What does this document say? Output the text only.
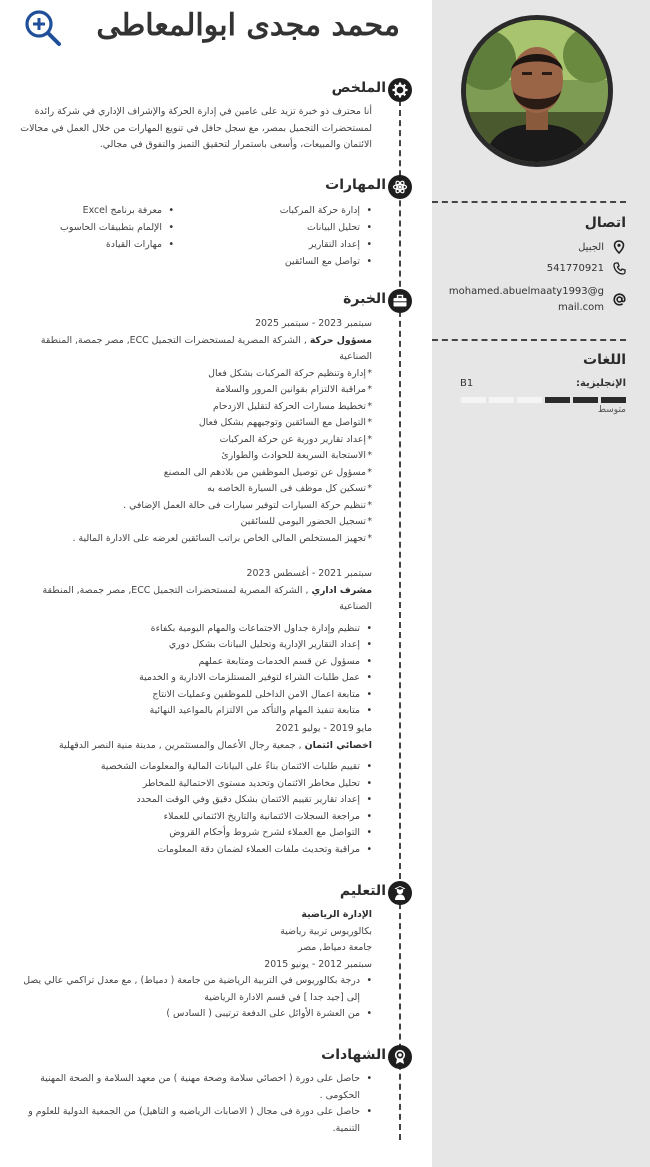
اتصال
الجبيل
541770921
mohamed.abuelmaaty1993@g
mail.com
اللغات
الإنجليزية:
B1
متوسط
محمد مجدى ابوالمعاطى
الملخص

أنا محترف ذو خبرة تزيد على عامين في إدارة الحركة والإشراف الإداري في شركة رائدة

لمستحضرات التجميل بمصر، مع سجل حافل في تنويع المهارات من خلال العمل في مجالات

الائتمان والمبيعات، وأسعى باستمرار لتحقيق التميز والتفوق في مجالي.

المهارات
• إدارة حركة المركبات
• تحليل البيانات
• إعداد التقارير
• تواصل مع السائقين
• معرفة برنامج Excel
• الإلمام بتطبيقات الحاسوب
• مهارات القيادة
الخبرة

سبتمبر 2023 - سبتمبر 2025

مسؤول حركة , الشركة المصرية لمستحضرات التجميل ECC, مصر جمصة, المنطقة

الصناعية

* إدارة وتنظيم حركة المركبات بشكل فعال
* مراقبة الالتزام بقوانين المرور والسلامة
* تخطيط مسارات الحركة لتقليل الازدحام
* التواصل مع السائقين وتوجيههم بشكل فعال
* إعداد تقارير دورية عن حركة المركبات
* الاستجابة السريعة للحوادث والطوارئ
* مسؤول عن توصيل الموظفين من بلادهم الى المصنع
* تسكين كل موظف فى السيارة الخاصه به
* تنظيم حركة السيارات لتوفير سيارات فى حالة العمل الإضافي .
* تسجيل الحضور اليومي للسائقين
* تجهيز المستخلص المالى الخاص براتب السائقين لعرضه على الادارة المالية .

سبتمبر 2021 - أغسطس 2023

مشرف اداري , الشركة المصرية لمستحضرات التجميل ECC, مصر جمصة, المنطقة الصناعية

• تنظيم وإدارة جداول الاجتماعات والمهام اليومية بكفاءة
• إعداد التقارير الإدارية وتحليل البيانات بشكل دوري
• مسؤول عن قسم الخدمات ومتابعة عملهم
• عمل طلبات الشراء لتوفير المستلزمات الادارية و الخدمية
• متابعة اعمال الامن الداخلى للموظفين وعمليات الانتاج
• متابعة تنفيذ المهام والتأكد من الالتزام بالمواعيد النهائية

مايو 2019 - يوليو 2021

اخصائي ائتمان , جمعية رجال الأعمال والمستثمرين , مدينة منية النصر الدقهلية

• تقييم طلبات الائتمان بناءً على البيانات المالية والمعلومات الشخصية
• تحليل مخاطر الائتمان وتحديد مستوى الاحتمالية للمخاطر
• إعداد تقارير تقييم الائتمان بشكل دقيق وفي الوقت المحدد
• مراجعة السجلات الائتمانية والتاريخ الائتماني للعملاء
• التواصل مع العملاء لشرح شروط وأحكام القروض
• مراقبة وتحديث ملفات العملاء لضمان دقة المعلومات
التعليم

الإدارة الرياضية

بكالوريوس تربية رياضية

جامعة دمياط, مصر

سبتمبر 2012 - يونيو 2015

• درجة بكالوريوس في التربية الرياضية من جامعة ( دمياط) , مع معدل تراكمي عالي يصل
إلى [جيد جدا ] في قسم الادارة الرياضية
• من العشرة الأوائل على الدفعة ترتيبى ( السادس )
الشهادات
• حاصل على دورة ( اخصائي سلامة وصحة مهنية ) من معهد السلامة و الصحة المهنية
الحكومى .
• حاصل على دورة فى مجال ( الاصابات الرياضيه و التاهيل) من الجمعية الدولية للعلوم و
التنمية.
